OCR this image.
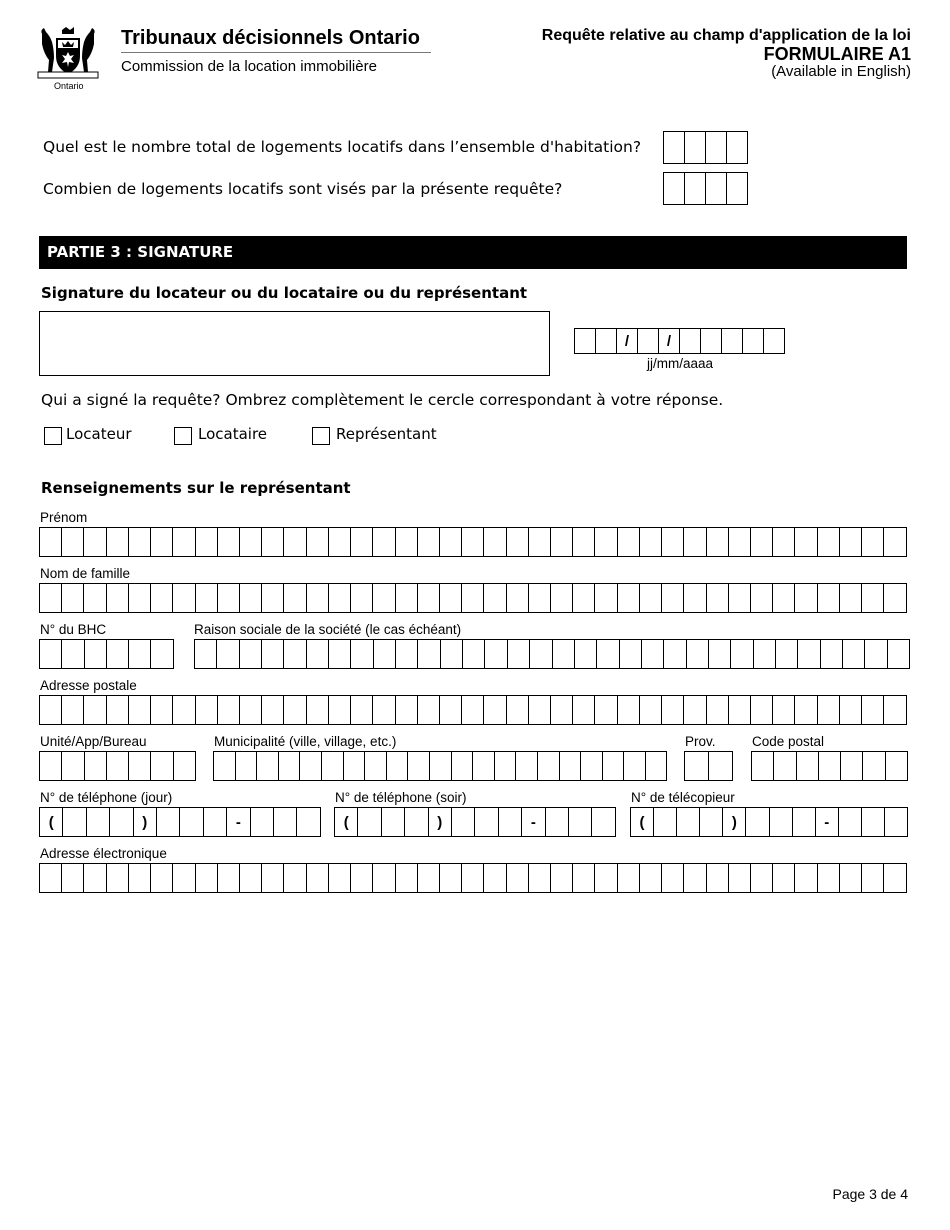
Ontario
Tribunaux décisionnels Ontario
Commission de la location immobilière
Requête relative au champ d'application de la loi
FORMULAIRE A1
(Available in English)
Quel est le nombre total de logements locatifs dans l’ensemble d'habitation?
Combien de logements locatifs sont visés par la présente requête?
PARTIE 3 : SIGNATURE
Signature du locateur ou du locataire ou du représentant
/	/
jj/mm/aaaa
Qui a signé la requête? Ombrez complètement le cercle correspondant à votre réponse.
Locateur	Locataire	Représentant
Renseignements sur le représentant
Prénom
Nom de famille
N° du BHC	Raison sociale de la société (le cas échéant)
Adresse postale
Unité/App/Bureau	Municipalité (ville, village, etc.)	Prov.	Code postal
N° de téléphone (jour)
(	)	-
N° de téléphone (soir)
(	)	-
N° de télécopieur
(	)	-
Adresse électronique
Page 3 de 4
